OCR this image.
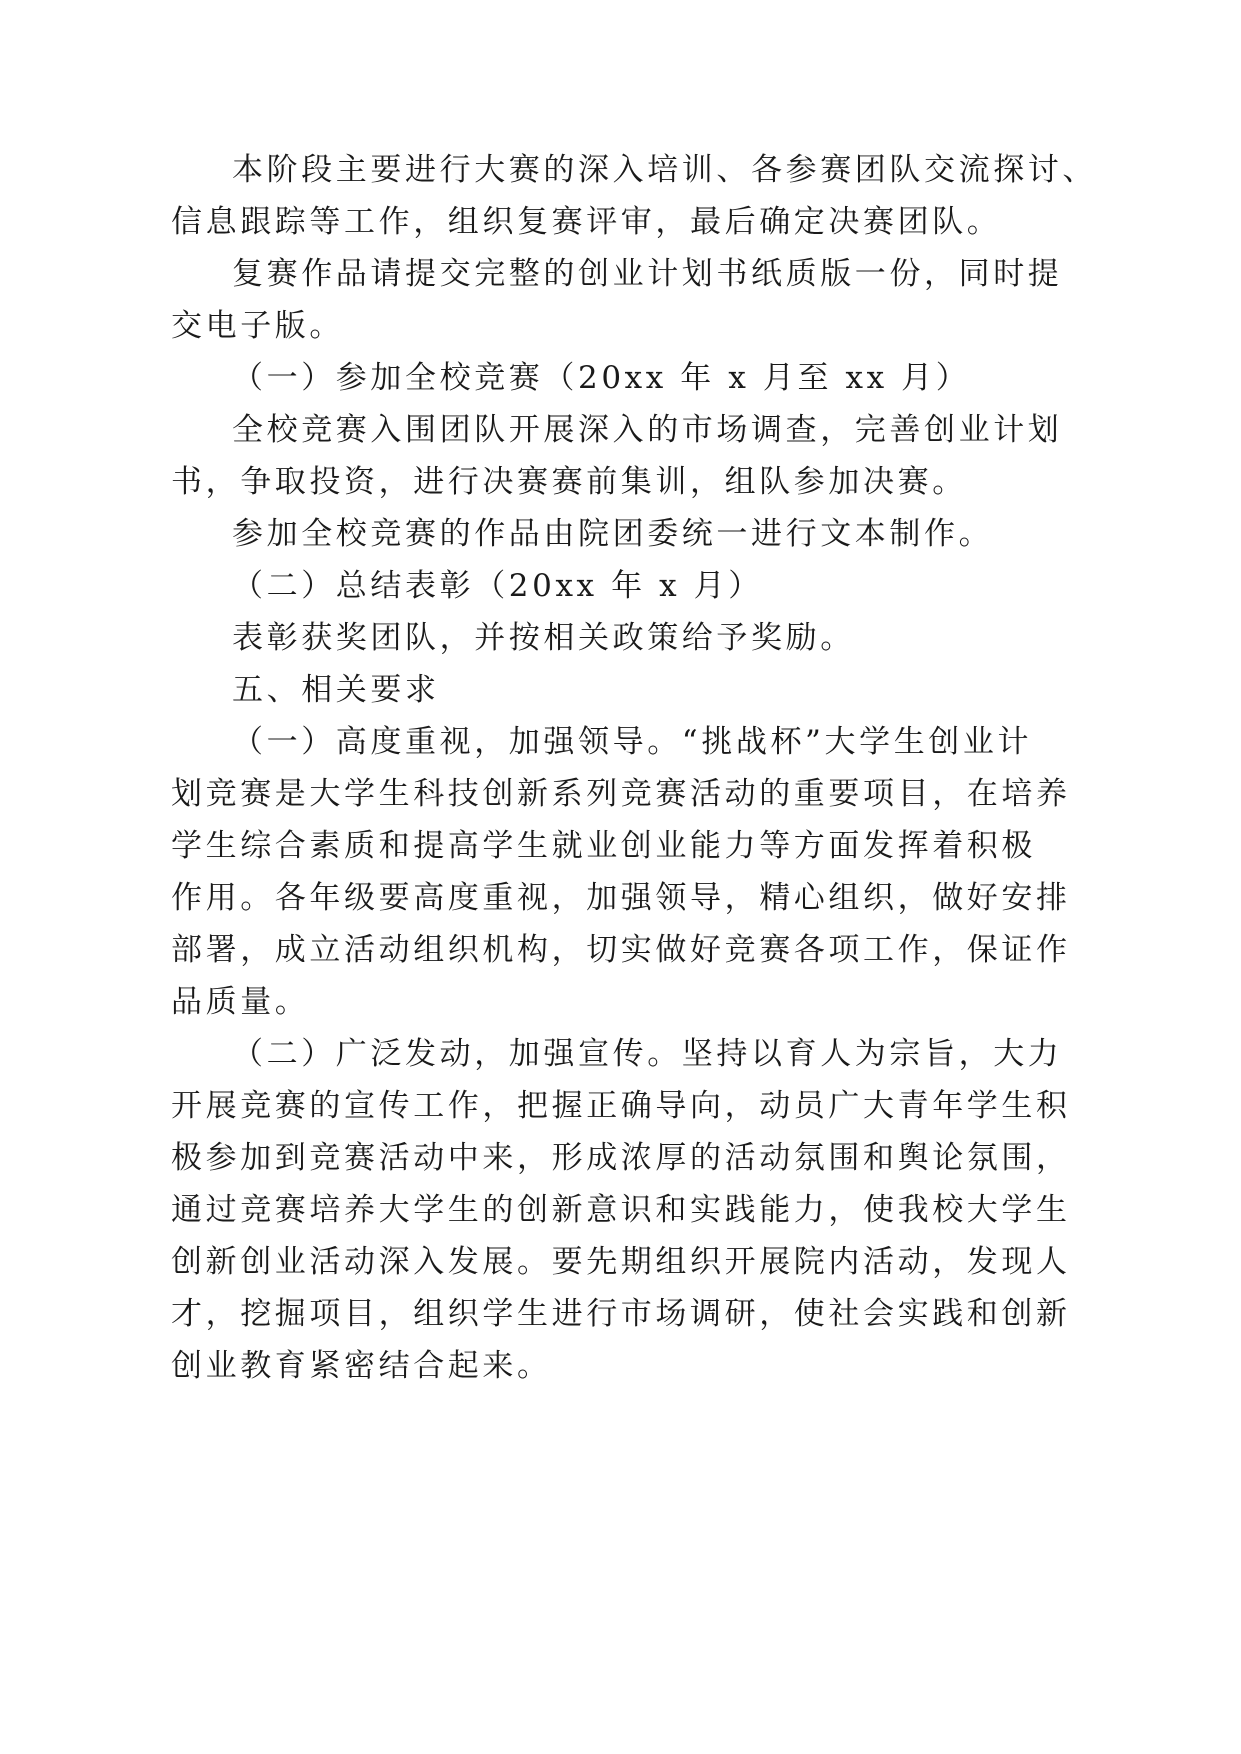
本阶段主要进行大赛的深入培训、各参赛团队交流探讨、
信息跟踪等工作，组织复赛评审，最后确定决赛团队。
复赛作品请提交完整的创业计划书纸质版一份，同时提
交电子版。
（一）参加全校竞赛（20xx 年 x 月至 xx 月）
全校竞赛入围团队开展深入的市场调查，完善创业计划
书，争取投资，进行决赛赛前集训，组队参加决赛。
参加全校竞赛的作品由院团委统一进行文本制作。
（二）总结表彰（20xx 年 x 月）
表彰获奖团队，并按相关政策给予奖励。
五、相关要求
（一）高度重视，加强领导。“挑战杯”大学生创业计
划竞赛是大学生科技创新系列竞赛活动的重要项目，在培养
学生综合素质和提高学生就业创业能力等方面发挥着积极
作用。各年级要高度重视，加强领导，精心组织，做好安排
部署，成立活动组织机构，切实做好竞赛各项工作，保证作
品质量。
（二）广泛发动，加强宣传。坚持以育人为宗旨，大力
开展竞赛的宣传工作，把握正确导向，动员广大青年学生积
极参加到竞赛活动中来，形成浓厚的活动氛围和舆论氛围，
通过竞赛培养大学生的创新意识和实践能力，使我校大学生
创新创业活动深入发展。要先期组织开展院内活动，发现人
才，挖掘项目，组织学生进行市场调研，使社会实践和创新
创业教育紧密结合起来。
